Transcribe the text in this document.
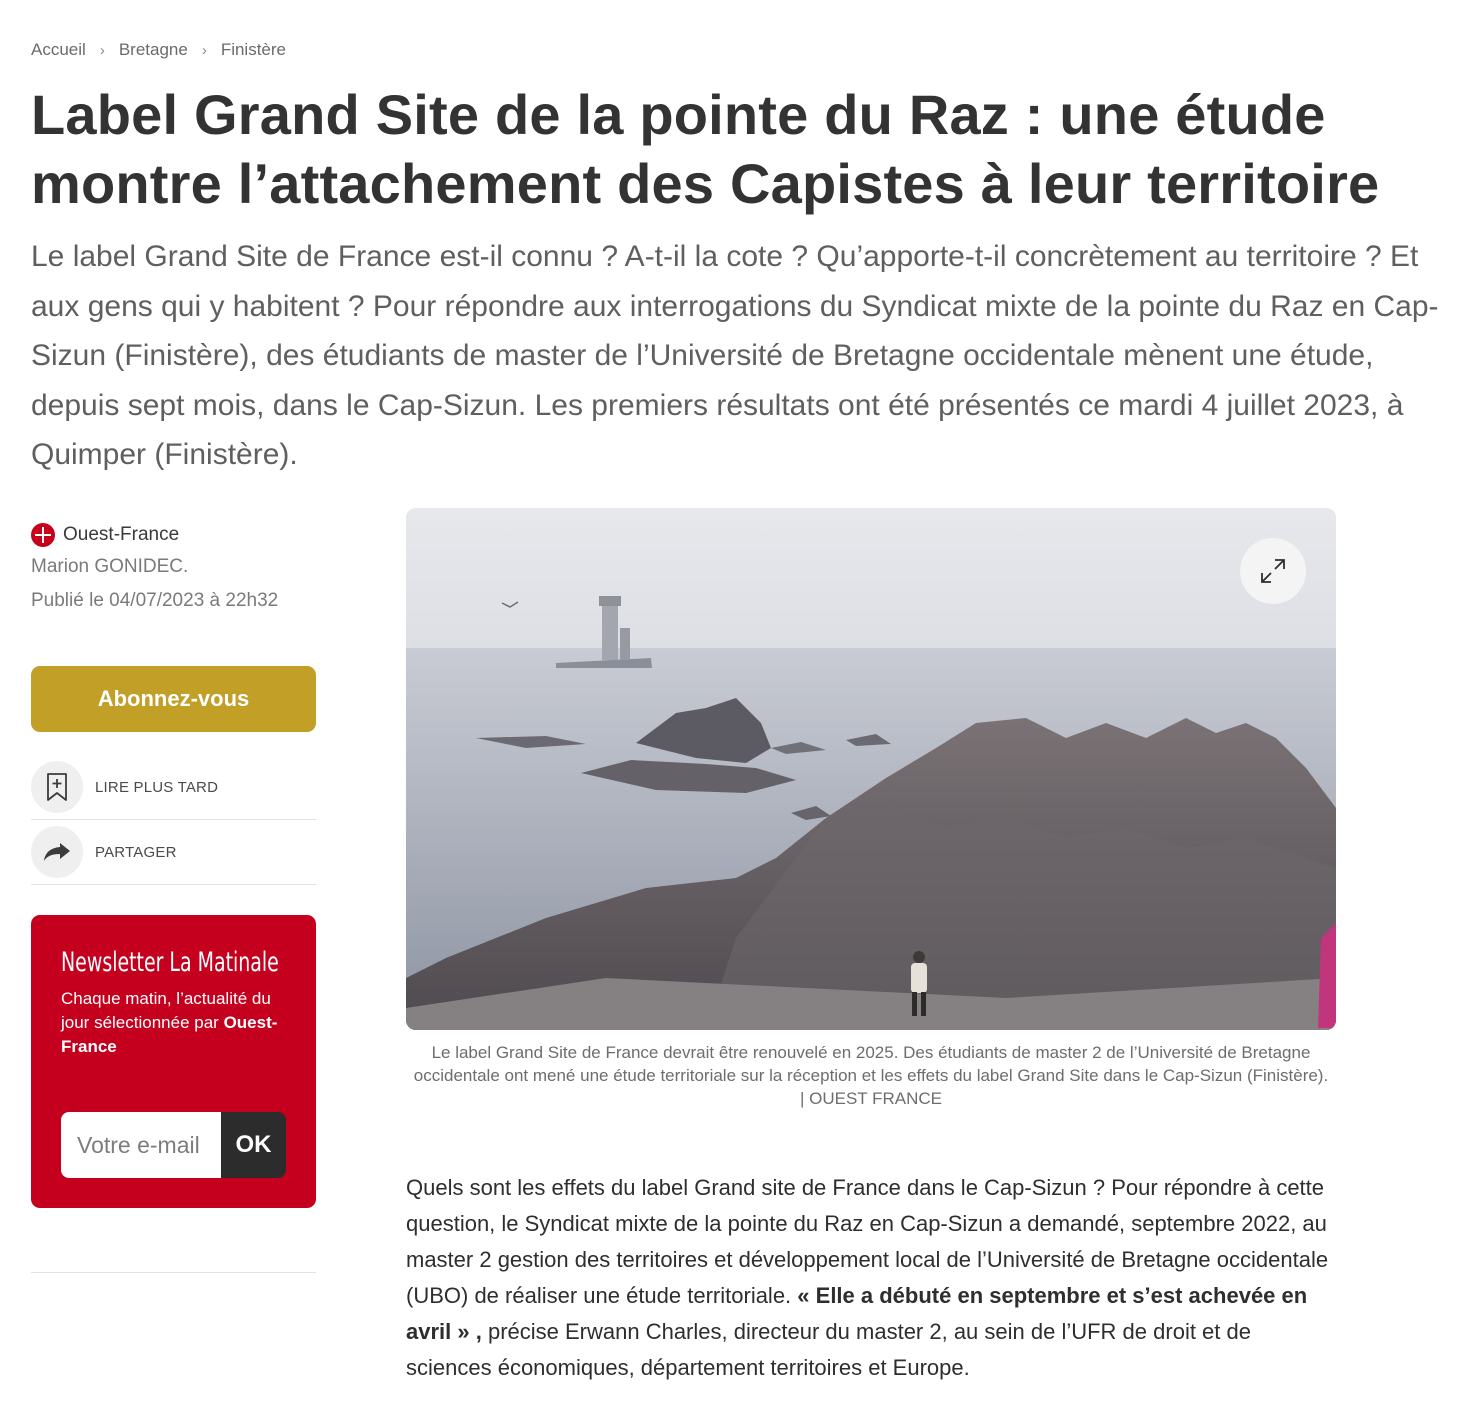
Accueil › Bretagne › Finistère
Label Grand Site de la pointe du Raz : une étude montre l’attachement des Capistes à leur territoire

Le label Grand Site de France est-il connu ? A-t-il la cote ? Qu’apporte-t-il concrètement au territoire ? Et aux gens qui y habitent ? Pour répondre aux interrogations du Syndicat mixte de la pointe du Raz en Cap-Sizun (Finistère), des étudiants de master de l’Université de Bretagne occidentale mènent une étude, depuis sept mois, dans le Cap-Sizun. Les premiers résultats ont été présentés ce mardi 4 juillet 2023, à Quimper (Finistère).

Ouest-France
Marion GONIDEC.
Publié le 04/07/2023 à 22h32
Abonnez-vous
LIRE PLUS TARD
PARTAGER
Newsletter La Matinale
Chaque matin, l’actualité du jour sélectionnée par Ouest-France
Votre e-mail
OK
Le label Grand Site de France devrait être renouvelé en 2025. Des étudiants de master 2 de l’Université de Bretagne occidentale ont mené une étude territoriale sur la réception et les effets du label Grand Site dans le Cap-Sizun (Finistère). | OUEST FRANCE

Quels sont les effets du label Grand site de France dans le Cap-Sizun ? Pour répondre à cette question, le Syndicat mixte de la pointe du Raz en Cap-Sizun a demandé, septembre 2022, au master 2 gestion des territoires et développement local de l’Université de Bretagne occidentale (UBO) de réaliser une étude territoriale. « Elle a débuté en septembre et s’est achevée en avril » , précise Erwann Charles, directeur du master 2, au sein de l’UFR de droit et de sciences économiques, département territoires et Europe.
